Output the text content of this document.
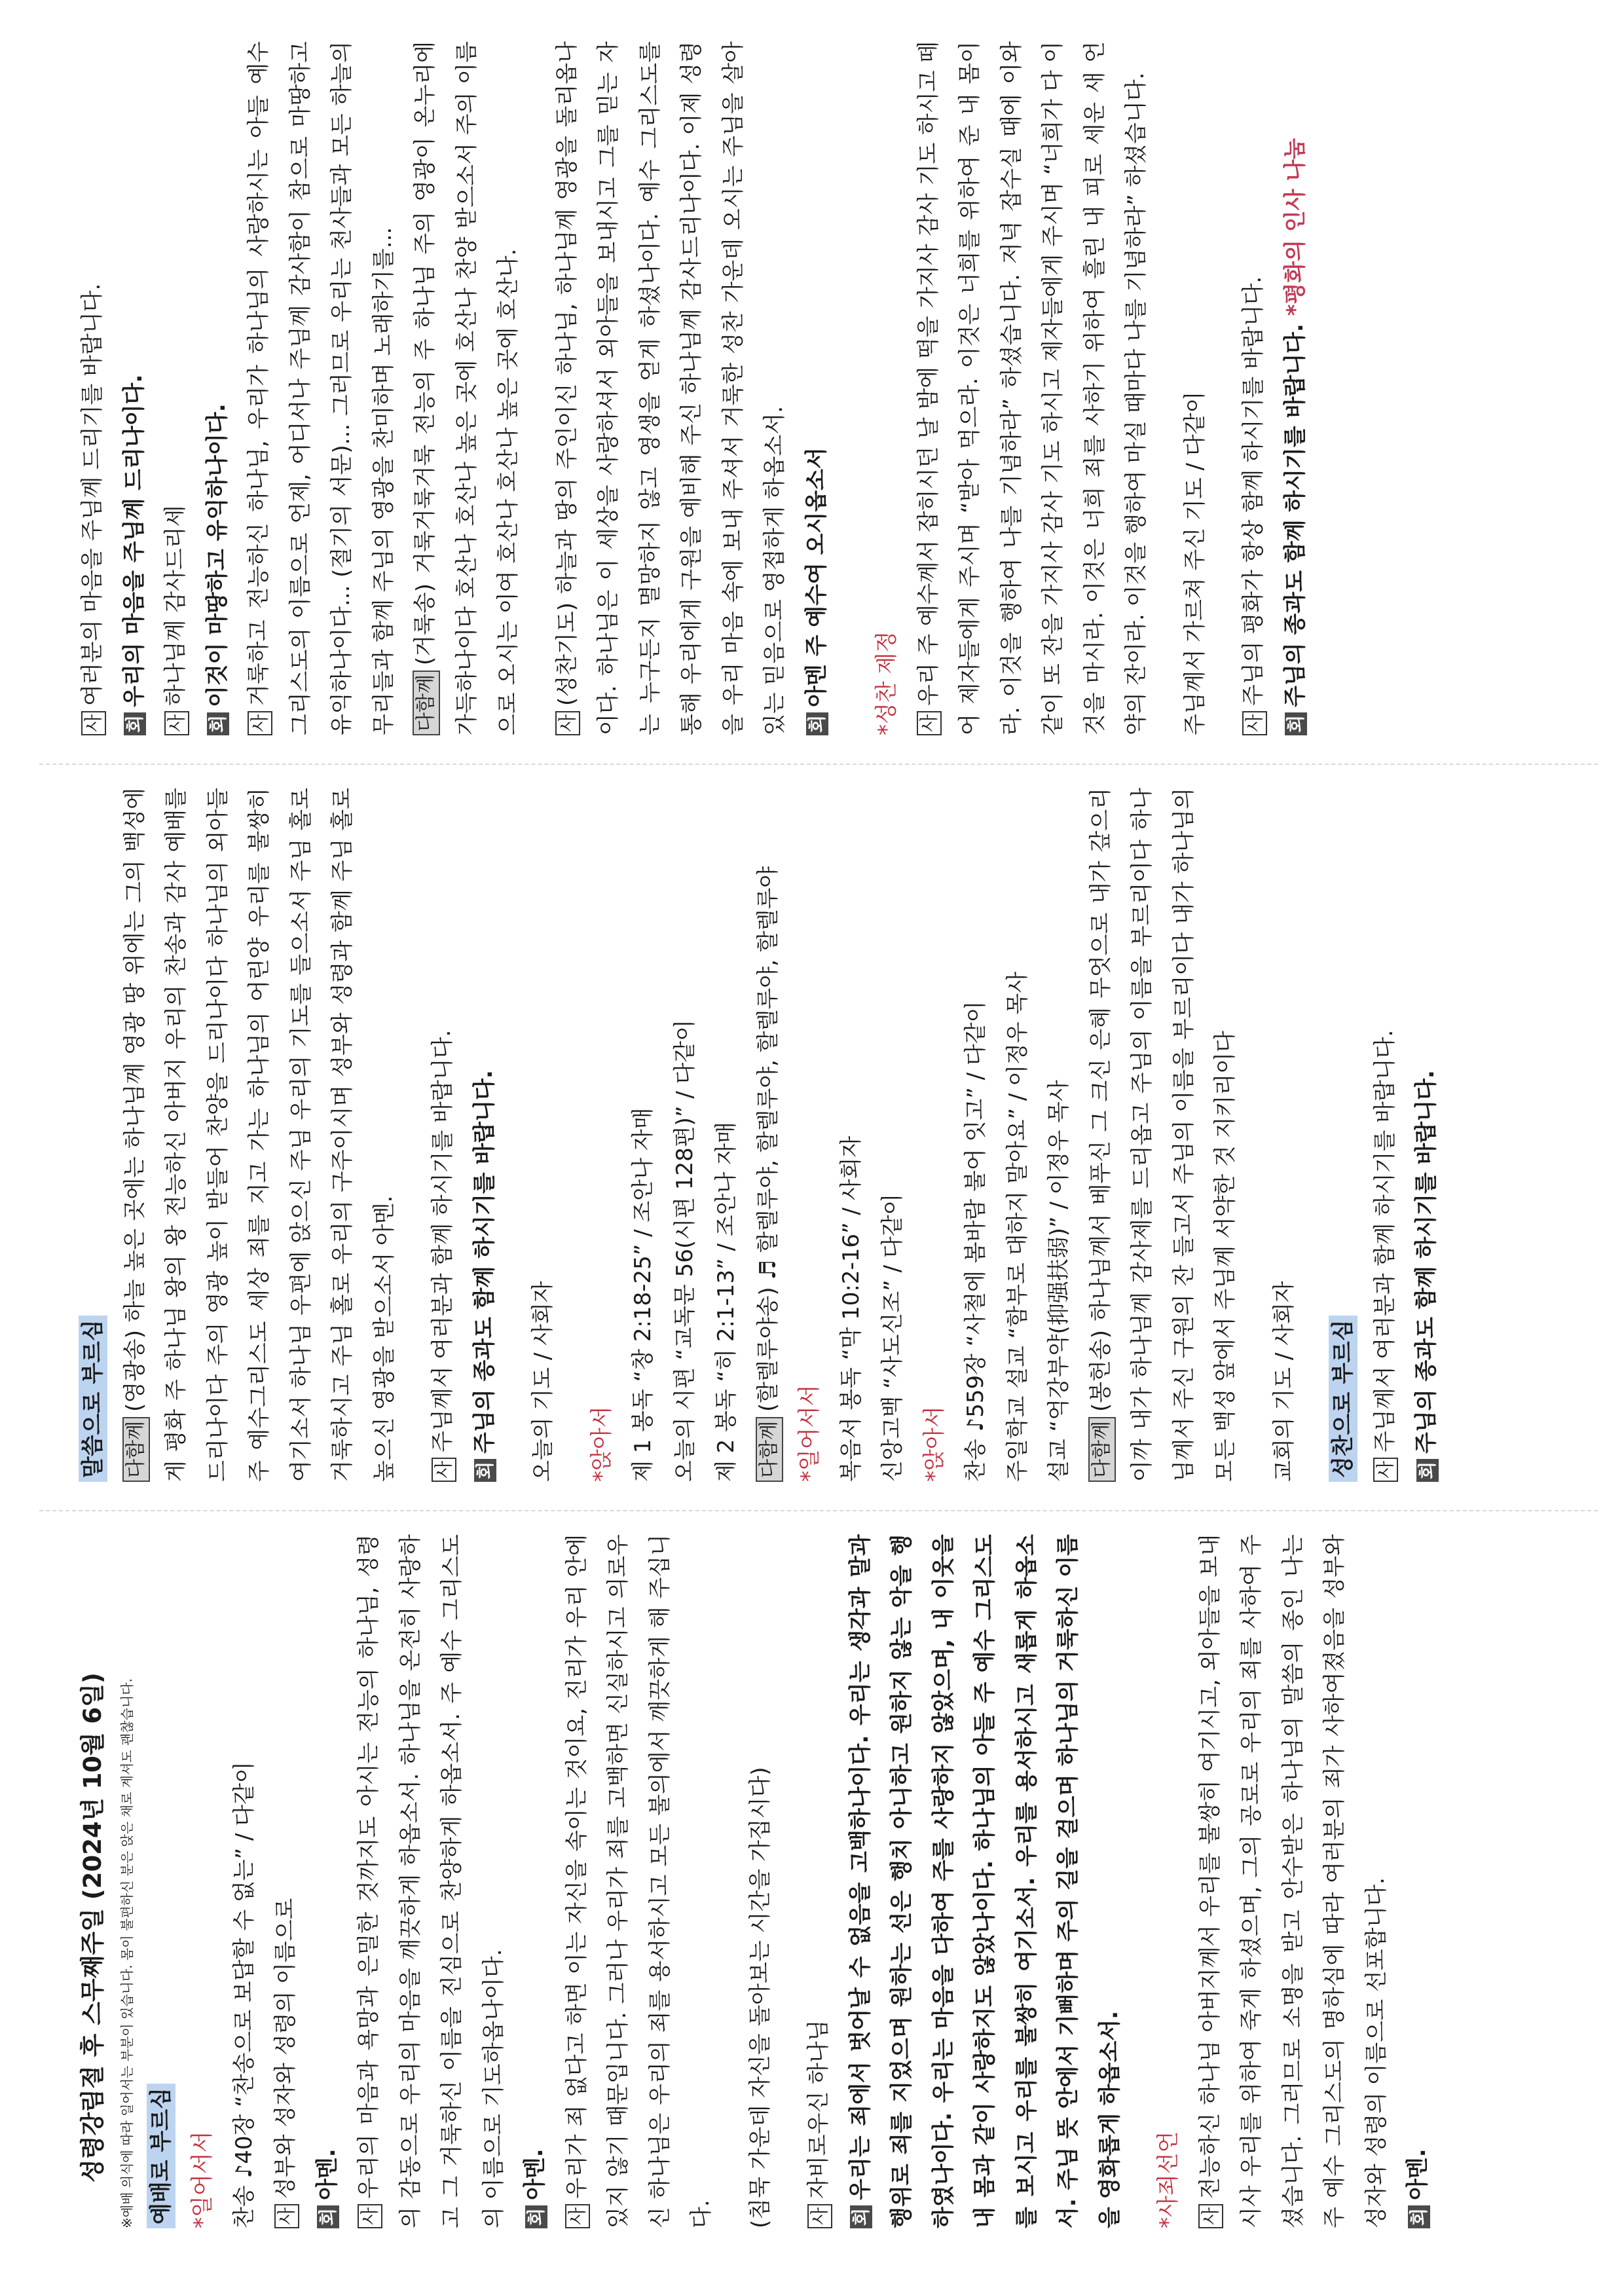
성령강림절 후 스무째주일 (2024년 10월 6일) ※예배 의식에 따라 일어서는 부분이 있습니다. 몸이 불편하신 분은 앉은 채로 계셔도 괜찮습니다. 예배로 부르심 *일어서서 찬송 ♪40장 “찬송으로 보답할 수 없는” / 다같이	사성부와 성자와 성령의 이름으로
회아멘.
사우리의 마음과 욕망과 은밀한 것까지도 아시는 전능의 하나님, 성령의 감동으로 우리의 마음을 깨끗하게 하옵소서. 하나님을 온전히 사랑하고 그 거룩하신 이름을 진심으로 찬양하게 하옵소서. 주 예수 그리스도의 이름으로 기도하옵나이다.	회아멘.
사우리가 죄 없다고 하면 이는 자신을 속이는 것이요, 진리가 우리 안에 있지 않기 때문입니다. 그러나 우리가 죄를 고백하면 신실하시고 의로우신 하나님은 우리의 죄를 용서하시고 모든 불의에서 깨끗하게 해 주십니다.	(침묵 가운데 자신을 돌아보는 시간을 가집시다)	사자비로우신 하나님
회우리는 죄에서 벗어날 수 없음을 고백하나이다. 우리는 생각과 말과 행위로 죄를 지었으며 원하는 선은 행치 아니하고 원하지 않는 악을 행하였나이다. 우리는 마음을 다하여 주를 사랑하지 않았으며, 내 이웃을 내 몸과 같이 사랑하지도 않았나이다. 하나님의 아들 주 예수 그리스도를 보시고 우리를 불쌍히 여기소서. 우리를 용서하시고 새롭게 하옵소서. 주님 뜻 안에서 기뻐하며 주의 길을 걸으며 하나님의 거룩하신 이름을 영화롭게 하옵소서.	*사죄선언	사전능하신 하나님 아버지께서 우리를 불쌍히 여기시고, 외아들을 보내시사 우리를 위하여 죽게 하셨으며, 그의 공로로 우리의 죄를 사하여 주셨습니다. 그러므로 소명을 받고 안수받은 하나님의 말씀의 종인 나는 주 예수 그리스도의 명하심에 따라 여러분의 죄가 사하여졌음을 성부와 성자와 성령의 이름으로 선포합니다.	회아멘.
말씀으로 부르심 다함께(영광송) 하늘 높은 곳에는 하나님께 영광 땅 위에는 그의 백성에게 평화 주 하나님 왕의 왕 전능하신 아버지 우리의 찬송과 감사 예배를 드리나이다 주의 영광 높이 받들어 찬양을 드리나이다 하나님의 외아들 주 예수그리스도 세상 죄를 지고 가는 하나님의 어린양 우리를 불쌍히 여기소서 하나님 우편에 앉으신 주님 우리의 기도를 들으소서 주님 홀로 거룩하시고 주님 홀로 우리의 구주이시며 성부와 성령과 함께 주님 홀로 높으신 영광을 받으소서 아멘.	사주님께서 여러분과 함께 하시기를 바랍니다.
회주님의 종과도 함께 하시기를 바랍니다.	오늘의 기도 / 사회자	*앉아서 제 1 봉독 “창 2:18-25” / 조안나 자매 오늘의 시편 “교독문 56(시편 128편)” / 다같이 제 2 봉독 “히 2:1-13” / 조안나 자매 다함께(할렐루야송) ♬ 할렐루야, 할렐루야, 할렐루야, 할렐루야
*일어서서 복음서 봉독 “막 10:2-16” / 사회자 신앙고백 “사도신조” / 다같이 *앉아서 찬송 ♪559장 “사철에 봄바람 불어 잇고” / 다같이 주일학교 설교 “함부로 대하지 말아요” / 이정우 목사 설교 “억강부약(抑强扶弱)” / 이정우 목사 다함께(봉헌송) 하나님께서 베푸신 그 크신 은혜 무엇으로 내가 갚으리이까 내가 하나님께 감사제를 드리옵고 주님의 이름을 부르리이다 하나님께서 주신 구원의 잔 들고서 주님의 이름을 부르리이다 내가 하나님의 모든 백성 앞에서 주님께 서약한 것 지키리이다	교회의 기도 / 사회자	성찬으로 부르심	사주님께서 여러분과 함께 하시기를 바랍니다.
회주님의 종과도 함께 하시기를 바랍니다.
사여러분의 마음을 주님께 드리기를 바랍니다.
회우리의 마음을 주님께 드리나이다.
사하나님께 감사드리세
회이것이 마땅하고 유익하나이다.
사거룩하고 전능하신 하나님, 우리가 하나님의 사랑하시는 아들 예수 그리스도의 이름으로 언제, 어디서나 주님께 감사함이 참으로 마땅하고 유익하나이다... (절기의 서문)... 그러므로 우리는 천사들과 모든 하늘의 무리들과 함께 주님의 영광을 찬미하며 노래하기를... 다함께(거룩송) 거룩거룩거룩 전능의 주 하나님 주의 영광이 온누리에 가득하나이다 호산나 호산나 높은 곳에 호산나 찬양 받으소서 주의 이름으로 오시는 이여 호산나 호산나 높은 곳에 호산나.	사(성찬기도) 하늘과 땅의 주인이신 하나님, 하나님께 영광을 돌리옵나이다. 하나님은 이 세상을 사랑하셔서 외아들을 보내시고 그를 믿는 자는 누구든지 멸망하지 않고 영생을 얻게 하셨나이다. 예수 그리스도를 통해 우리에게 구원을 예비해 주신 하나님께 감사드리나이다. 이제 성령을 우리 마음 속에 보내 주셔서 거룩한 성찬 가운데 오시는 주님을 살아 있는 믿음으로 영접하게 하옵소서.	회아멘 주 예수여 오시옵소서	*성찬 제정	사우리 주 예수께서 잡히시던 날 밤에 떡을 가지사 감사 기도 하시고 떼어 제자들에게 주시며 “받아 먹으라. 이것은 너희를 위하여 준 내 몸이라. 이것을 행하여 나를 기념하라” 하셨습니다. 저녁 잡수실 때에 이와 같이 또 잔을 가지사 감사 기도 하시고 제자들에게 주시며 “너희가 다 이것을 마시라. 이것은 너희 죄를 사하기 위하여 흘린 내 피로 세운 새 언약의 잔이라. 이것을 행하여 마실 때마다 나를 기념하라” 하셨습니다.	주님께서 가르쳐 주신 기도 / 다같이	사주님의 평화가 항상 함께 하시기를 바랍니다.
회주님의 종과도 함께 하시기를 바랍니다. *평화의 인사 나눔
